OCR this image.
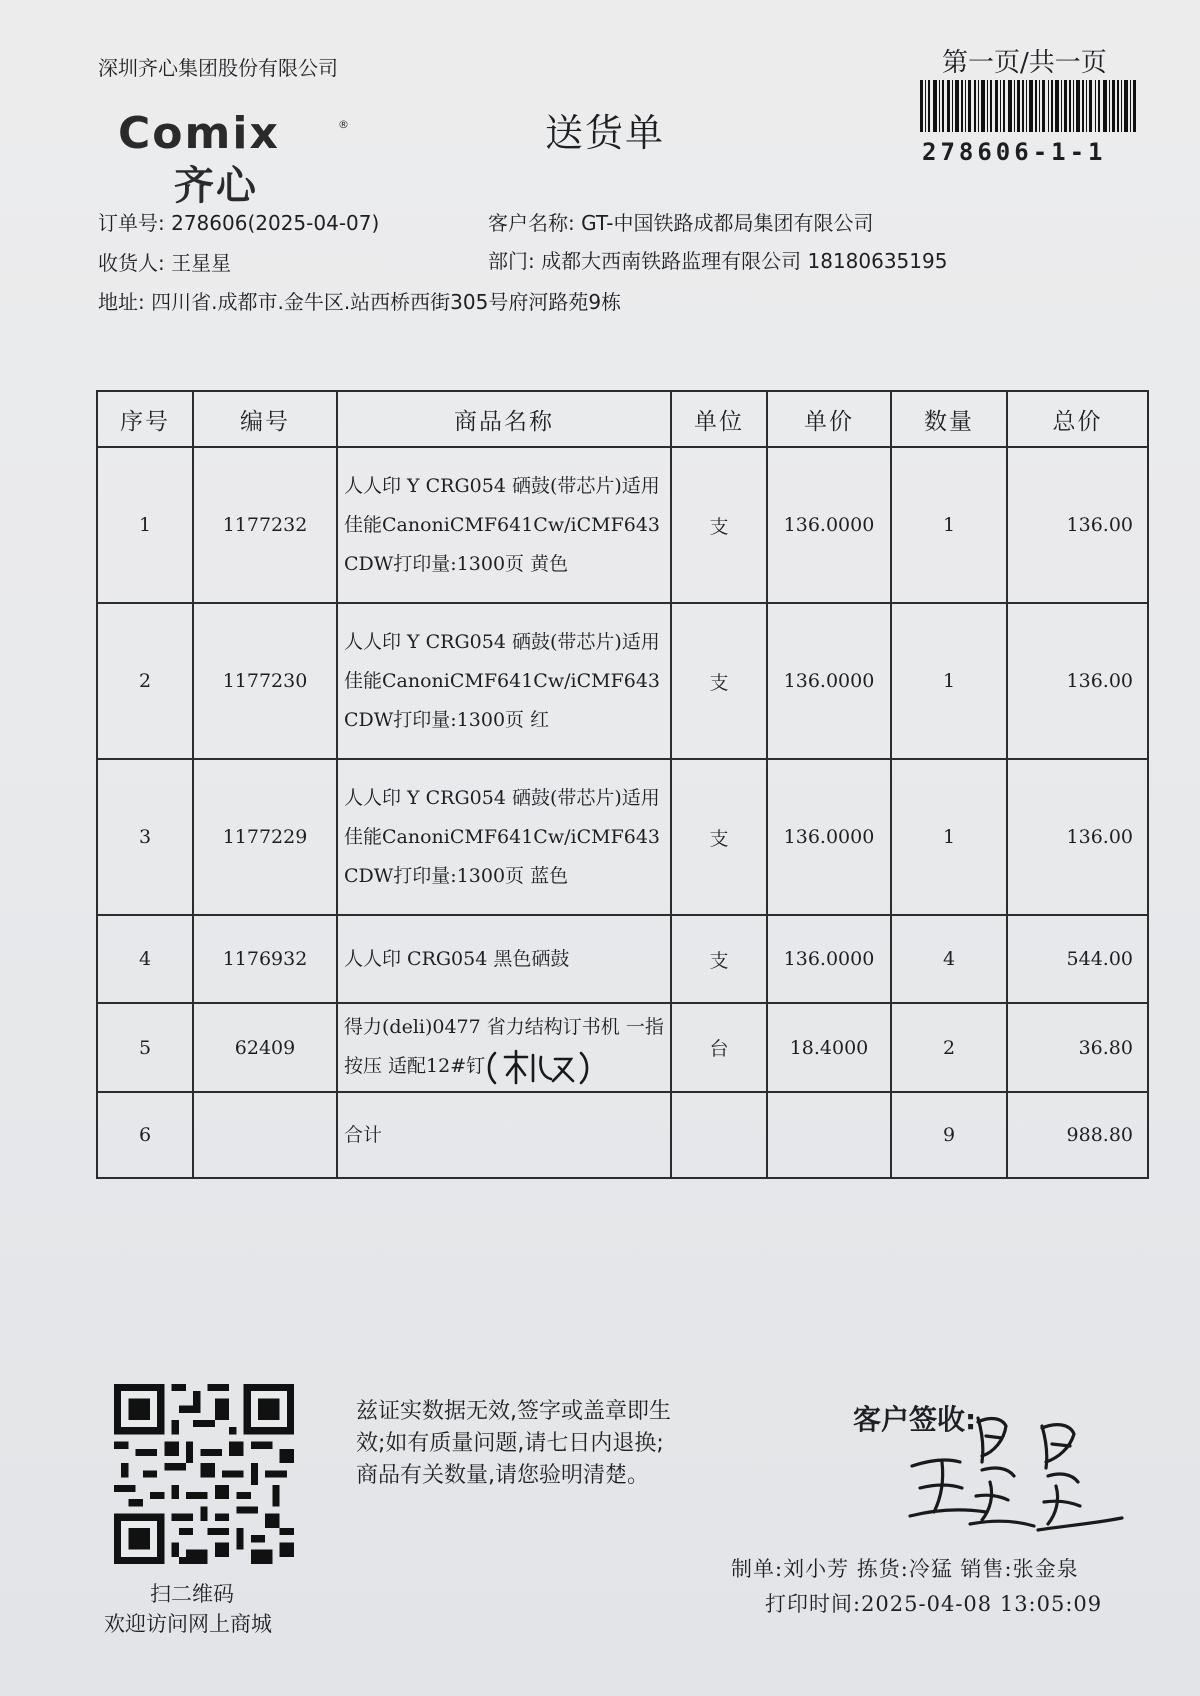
深圳齐心集团股份有限公司
Comix	®
齐心
送货单
第一页/共一页
278606-1-1
订单号: 278606(2025-04-07)	客户名称: GT-中国铁路成都局集团有限公司
收货人: 王星星	部门: 成都大西南铁路监理有限公司 18180635195
地址: 四川省.成都市.金牛区.站西桥西街305号府河路苑9栋
序号	编号	商品名称	单位	单价	数量	总价
1	1177232	人人印 Y CRG054 硒鼓(带芯片)适用佳能CanoniCMF641Cw/iCMF643CDW打印量:1300页 黄色	支	136.0000	1	136.00
2	1177230	人人印 Y CRG054 硒鼓(带芯片)适用佳能CanoniCMF641Cw/iCMF643CDW打印量:1300页 红	支	136.0000	1	136.00
3	1177229	人人印 Y CRG054 硒鼓(带芯片)适用佳能CanoniCMF641Cw/iCMF643CDW打印量:1300页 蓝色	支	136.0000	1	136.00
4	1176932	人人印 CRG054 黑色硒鼓	支	136.0000	4	544.00
5	62409	得力(deli)0477 省力结构订书机 一指按压 适配12#钉	台	18.4000	2	36.80
6		合计			9	988.80
扫二维码
欢迎访问网上商城
兹证实数据无效,签字或盖章即生
效;如有质量问题,请七日内退换;
商品有关数量,请您验明清楚。
客户签收:
王星星
制单:刘小芳 拣货:冷猛 销售:张金泉
打印时间:2025-04-08 13:05:09
